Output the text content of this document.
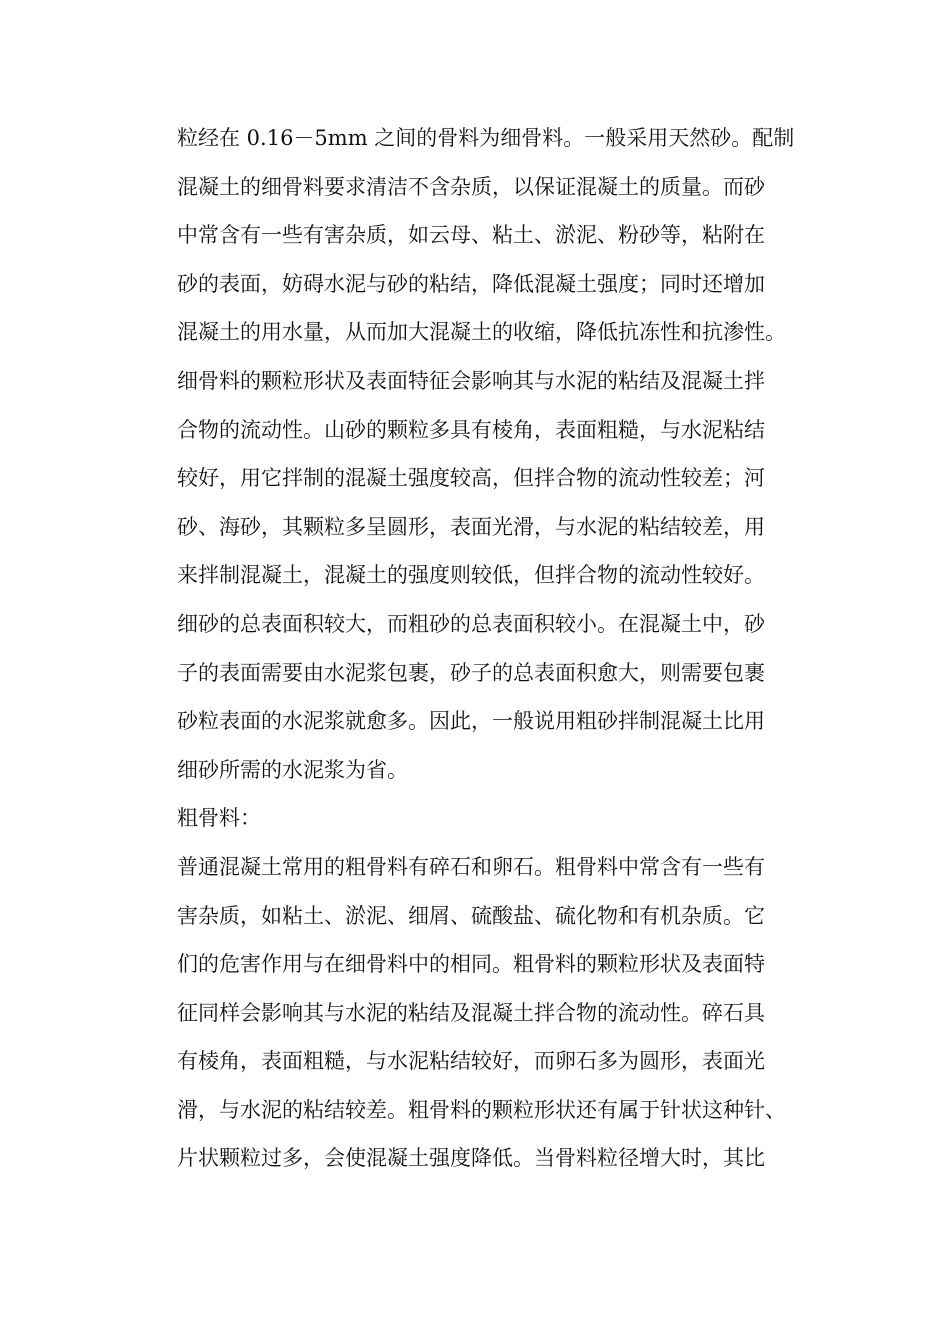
粒经在 0.16－5mm 之间的骨料为细骨料。一般采用天然砂。配制
混凝土的细骨料要求清洁不含杂质，以保证混凝土的质量。而砂
中常含有一些有害杂质，如云母、粘土、淤泥、粉砂等，粘附在
砂的表面，妨碍水泥与砂的粘结，降低混凝土强度；同时还增加
混凝土的用水量，从而加大混凝土的收缩，降低抗冻性和抗渗性。
细骨料的颗粒形状及表面特征会影响其与水泥的粘结及混凝土拌
合物的流动性。山砂的颗粒多具有棱角，表面粗糙，与水泥粘结
较好，用它拌制的混凝土强度较高，但拌合物的流动性较差；河
砂、海砂，其颗粒多呈圆形，表面光滑，与水泥的粘结较差，用
来拌制混凝土，混凝土的强度则较低，但拌合物的流动性较好。
细砂的总表面积较大，而粗砂的总表面积较小。在混凝土中，砂
子的表面需要由水泥浆包裹，砂子的总表面积愈大，则需要包裹
砂粒表面的水泥浆就愈多。因此，一般说用粗砂拌制混凝土比用
细砂所需的水泥浆为省。
粗骨料：
普通混凝土常用的粗骨料有碎石和卵石。粗骨料中常含有一些有
害杂质，如粘土、淤泥、细屑、硫酸盐、硫化物和有机杂质。它
们的危害作用与在细骨料中的相同。粗骨料的颗粒形状及表面特
征同样会影响其与水泥的粘结及混凝土拌合物的流动性。碎石具
有棱角，表面粗糙，与水泥粘结较好，而卵石多为圆形，表面光
滑，与水泥的粘结较差。粗骨料的颗粒形状还有属于针状这种针、
片状颗粒过多，会使混凝土强度降低。当骨料粒径增大时，其比
